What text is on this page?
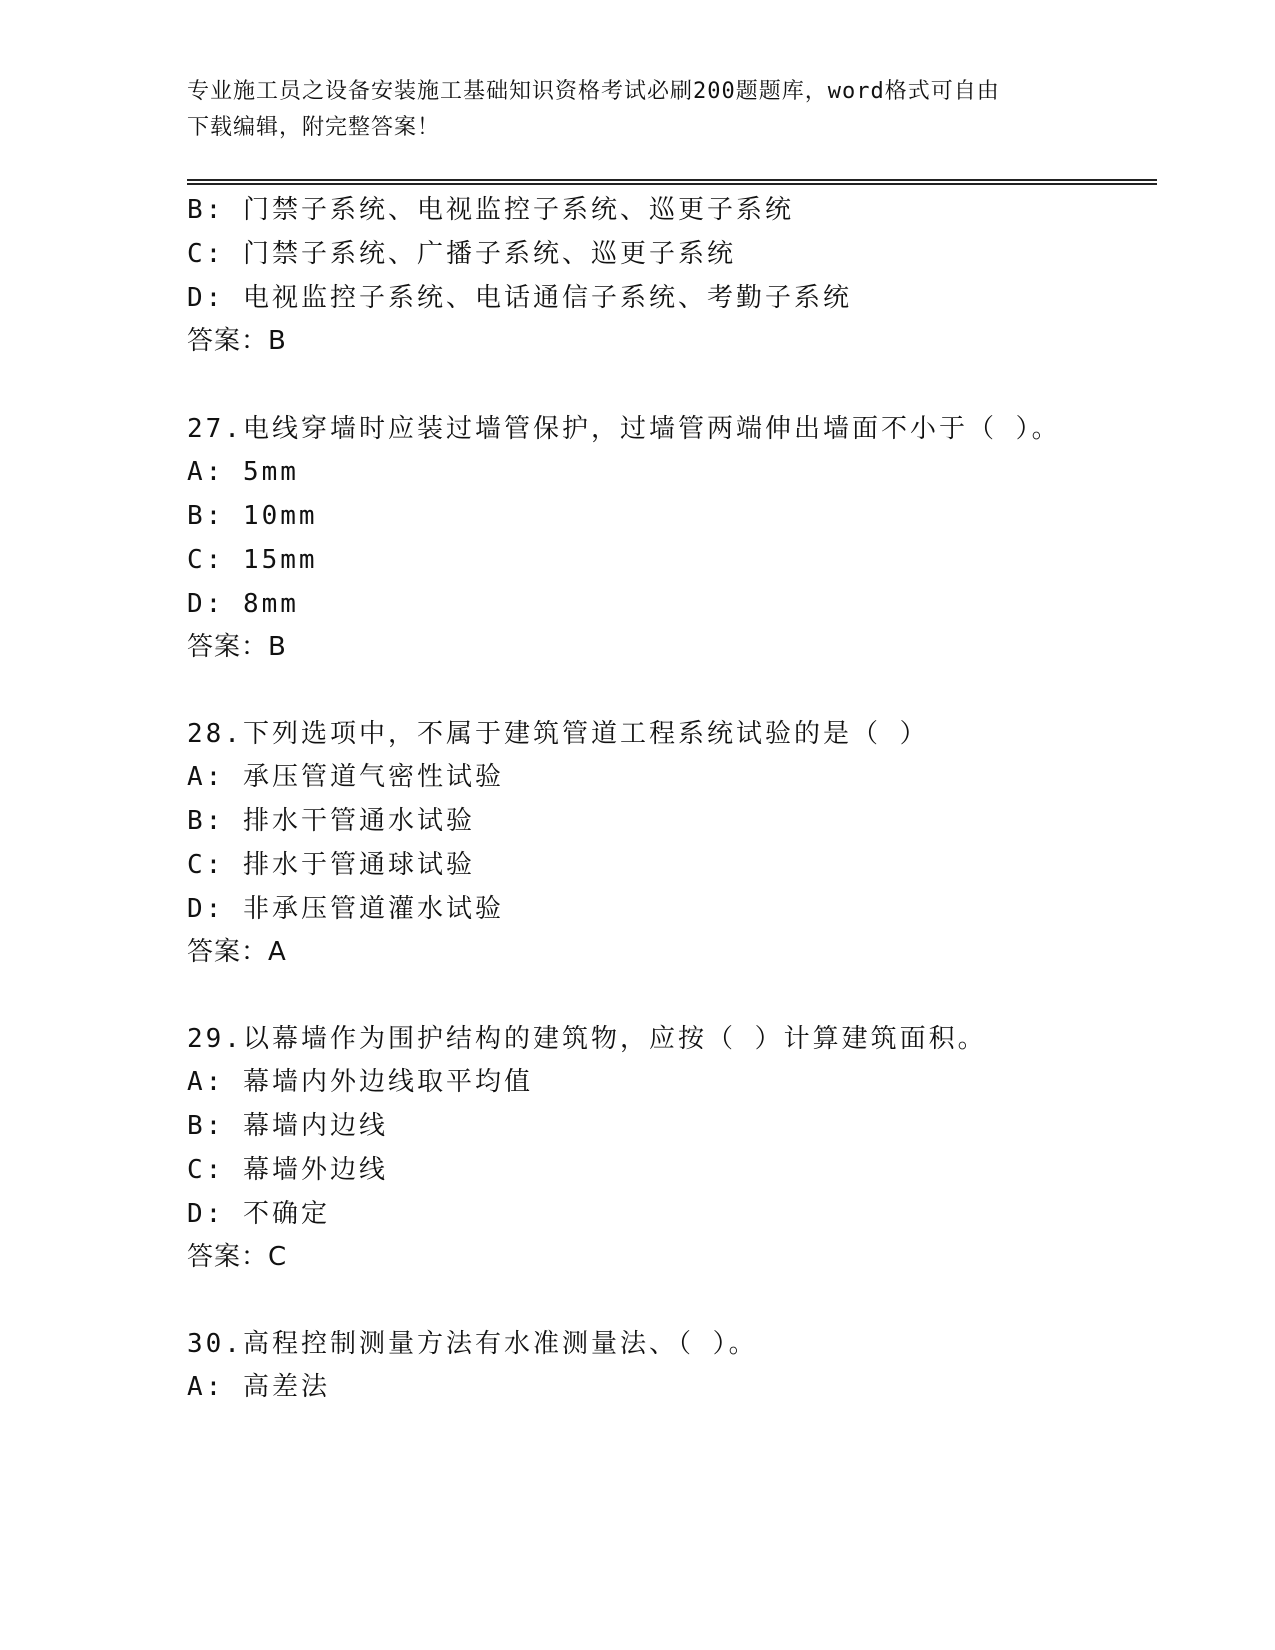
专业施工员之设备安装施工基础知识资格考试必刷200题题库，word格式可自由
下载编辑，附完整答案！
B: 门禁子系统、电视监控子系统、巡更子系统
C: 门禁子系统、广播子系统、巡更子系统
D: 电视监控子系统、电话通信子系统、考勤子系统
答案：B
27.电线穿墙时应装过墙管保护，过墙管两端伸出墙面不小于（ ）。
A: 5mm
B: 10mm
C: 15mm
D: 8mm
答案：B
28.下列选项中，不属于建筑管道工程系统试验的是（ ）
A: 承压管道气密性试验
B: 排水干管通水试验
C: 排水于管通球试验
D: 非承压管道灌水试验
答案：A
29.以幕墙作为围护结构的建筑物，应按（ ）计算建筑面积。
A: 幕墙内外边线取平均值
B: 幕墙内边线
C: 幕墙外边线
D: 不确定
答案：C
30.高程控制测量方法有水准测量法、（ ）。
A: 高差法
